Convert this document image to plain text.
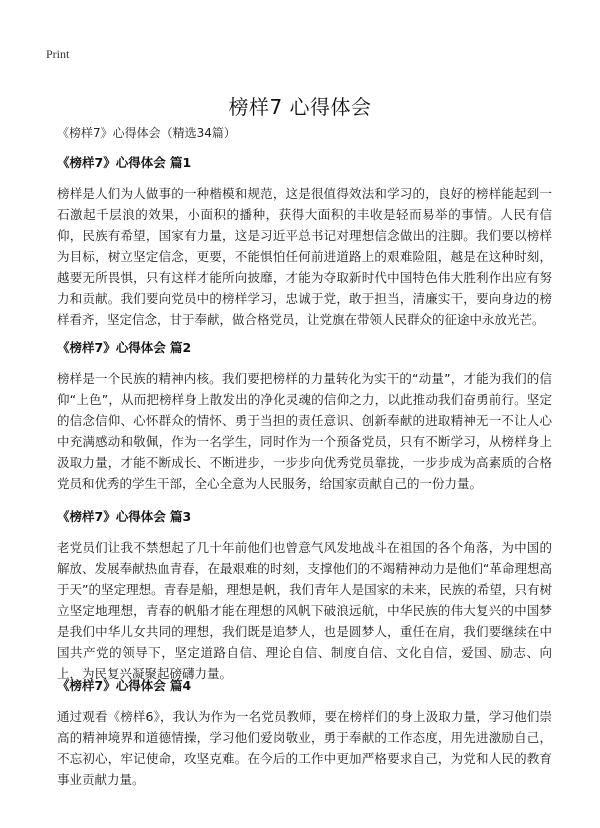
Print
榜样7 心得体会
《榜样7》心得体会（精选34篇）
《榜样7》心得体会 篇1

榜样是人们为人做事的一种楷模和规范，这是很值得效法和学习的，良好的榜样能起到一石激起千层浪的效果，小面积的播种，获得大面积的丰收是轻而易举的事情。人民有信仰，民族有希望，国家有力量，这是习近平总书记对理想信念做出的注脚。我们要以榜样为目标，树立坚定信念，更要，不能惧怕任何前进道路上的艰难险阻，越是在这种时刻，越要无所畏惧，只有这样才能所向披靡，才能为夺取新时代中国特色伟大胜利作出应有努力和贡献。我们要向党员中的榜样学习，忠诚于党，敢于担当，清廉实干，要向身边的榜样看齐，坚定信念，甘于奉献，做合格党员，让党旗在带领人民群众的征途中永放光芒。

《榜样7》心得体会 篇2

榜样是一个民族的精神内核。我们要把榜样的力量转化为实干的“动量”，才能为我们的信仰“上色”，从而把榜样身上散发出的净化灵魂的信仰之力，以此推动我们奋勇前行。坚定的信念信仰、心怀群众的情怀、勇于当担的责任意识、创新奉献的进取精神无一不让人心中充满感动和敬佩，作为一名学生，同时作为一个预备党员，只有不断学习，从榜样身上汲取力量，才能不断成长、不断进步，一步步向优秀党员靠拢，一步步成为高素质的合格党员和优秀的学生干部，全心全意为人民服务，给国家贡献自己的一份力量。

《榜样7》心得体会 篇3

老党员们让我不禁想起了几十年前他们也曾意气风发地战斗在祖国的各个角落，为中国的解放、发展奉献热血青春，在最艰难的时刻，支撑他们的不竭精神动力是他们“革命理想高于天”的坚定理想。青春是船，理想是帆，我们青年人是国家的未来，民族的希望，只有树立坚定地理想，青春的帆船才能在理想的风帆下破浪远航，中华民族的伟大复兴的中国梦是我们中华儿女共同的理想，我们既是追梦人，也是圆梦人，重任在肩，我们要继续在中国共产党的领导下，坚定道路自信、理论自信、制度自信、文化自信，爱国、励志、向上，为民复兴凝聚起磅礴力量。

《榜样7》心得体会 篇4

通过观看《榜样6》，我认为作为一名党员教师，要在榜样们的身上汲取力量，学习他们崇高的精神境界和道德情操，学习他们爱岗敬业，勇于奉献的工作态度，用先进激励自己，不忘初心，牢记使命，攻坚克难。在今后的工作中更加严格要求自己，为党和人民的教育事业贡献力量。
